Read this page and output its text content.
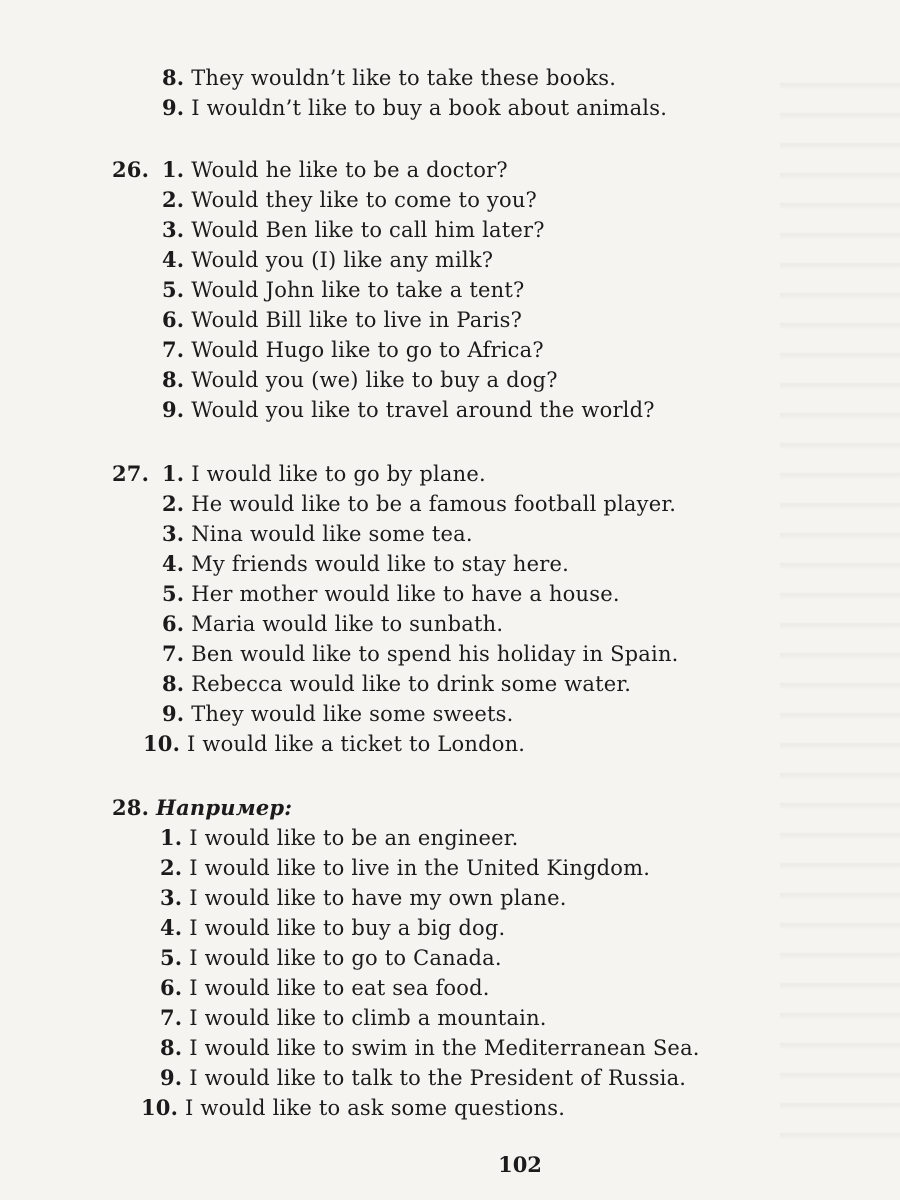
8. They wouldn’t like to take these books.
9. I wouldn’t like to buy a book about animals.
26. 1. Would he like to be a doctor?
2. Would they like to come to you?
3. Would Ben like to call him later?
4. Would you (I) like any milk?
5. Would John like to take a tent?
6. Would Bill like to live in Paris?
7. Would Hugo like to go to Africa?
8. Would you (we) like to buy a dog?
9. Would you like to travel around the world?
27. 1. I would like to go by plane.
2. He would like to be a famous football player.
3. Nina would like some tea.
4. My friends would like to stay here.
5. Her mother would like to have a house.
6. Maria would like to sunbath.
7. Ben would like to spend his holiday in Spain.
8. Rebecca would like to drink some water.
9. They would like some sweets.
10. I would like a ticket to London.
28. Например:
1. I would like to be an engineer.
2. I would like to live in the United Kingdom.
3. I would like to have my own plane.
4. I would like to buy a big dog.
5. I would like to go to Canada.
6. I would like to eat sea food.
7. I would like to climb a mountain.
8. I would like to swim in the Mediterranean Sea.
9. I would like to talk to the President of Russia.
10. I would like to ask some questions.
102
